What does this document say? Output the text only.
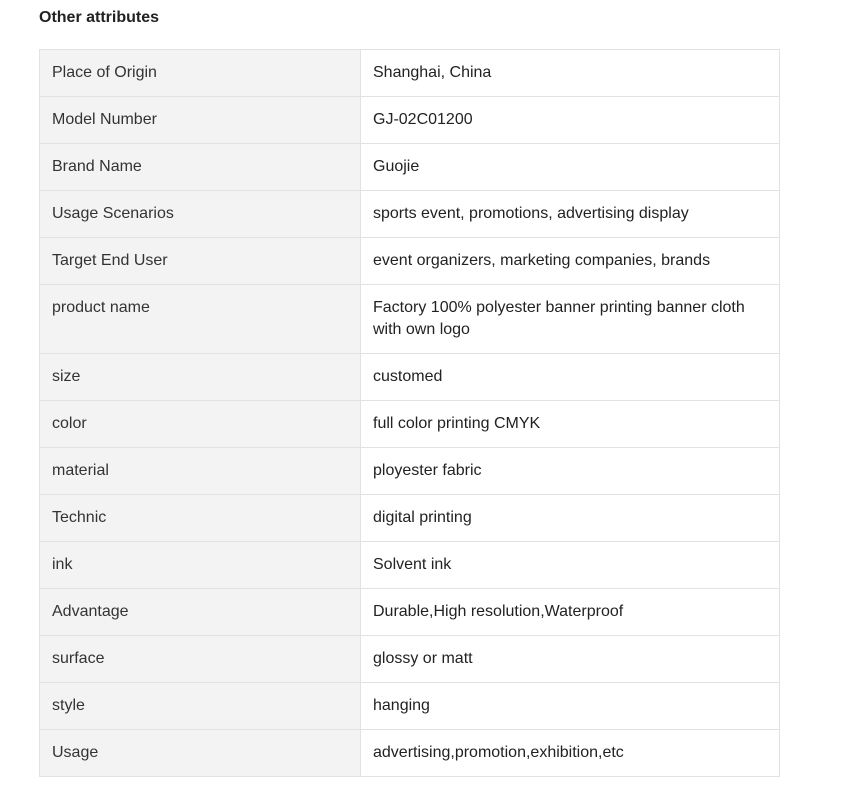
Other attributes
Place of Origin	Shanghai, China
Model Number	GJ-02C01200
Brand Name	Guojie
Usage Scenarios	sports event, promotions, advertising display
Target End User	event organizers, marketing companies, brands
product name	Factory 100% polyester banner printing banner cloth with own logo
size	customed
color	full color printing CMYK
material	ployester fabric
Technic	digital printing
ink	Solvent ink
Advantage	Durable,High resolution,Waterproof
surface	glossy or matt
style	hanging
Usage	advertising,promotion,exhibition,etc
